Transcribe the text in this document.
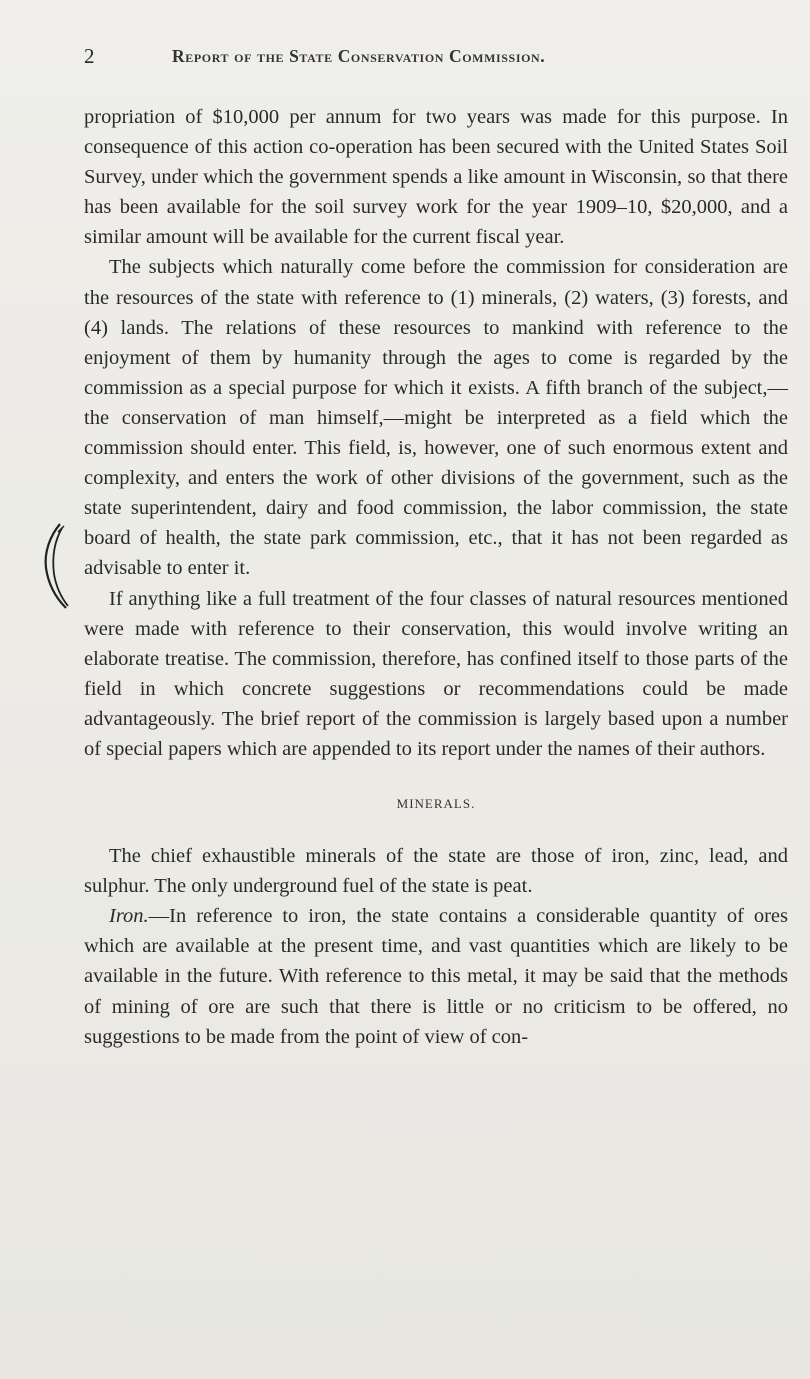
2	Report of the State Conservation Commission.

propriation of $10,000 per annum for two years was made for this purpose. In consequence of this action co-operation has been secured with the United States Soil Survey, under which the government spends a like amount in Wisconsin, so that there has been available for the soil survey work for the year 1909–10, $20,000, and a similar amount will be available for the current fiscal year.

The subjects which naturally come before the commission for consideration are the resources of the state with reference to (1) minerals, (2) waters, (3) forests, and (4) lands. The relations of these resources to mankind with reference to the enjoyment of them by humanity through the ages to come is regarded by the commission as a special purpose for which it exists. A fifth branch of the subject,—the conservation of man himself,—might be interpreted as a field which the commission should enter. This field, is, however, one of such enormous extent and complexity, and enters the work of other divisions of the government, such as the state superintendent, dairy and food commission, the labor commission, the state board of health, the state park commission, etc., that it has not been regarded as advisable to enter it.

If anything like a full treatment of the four classes of natural resources mentioned were made with reference to their conservation, this would involve writing an elaborate treatise. The commission, therefore, has confined itself to those parts of the field in which concrete suggestions or recommendations could be made advantageously. The brief report of the commission is largely based upon a number of special papers which are appended to its report under the names of their authors.

MINERALS.

The chief exhaustible minerals of the state are those of iron, zinc, lead, and sulphur. The only underground fuel of the state is peat.

Iron.—In reference to iron, the state contains a considerable quantity of ores which are available at the present time, and vast quantities which are likely to be available in the future. With reference to this metal, it may be said that the methods of mining of ore are such that there is little or no criticism to be offered, no suggestions to be made from the point of view of con-
